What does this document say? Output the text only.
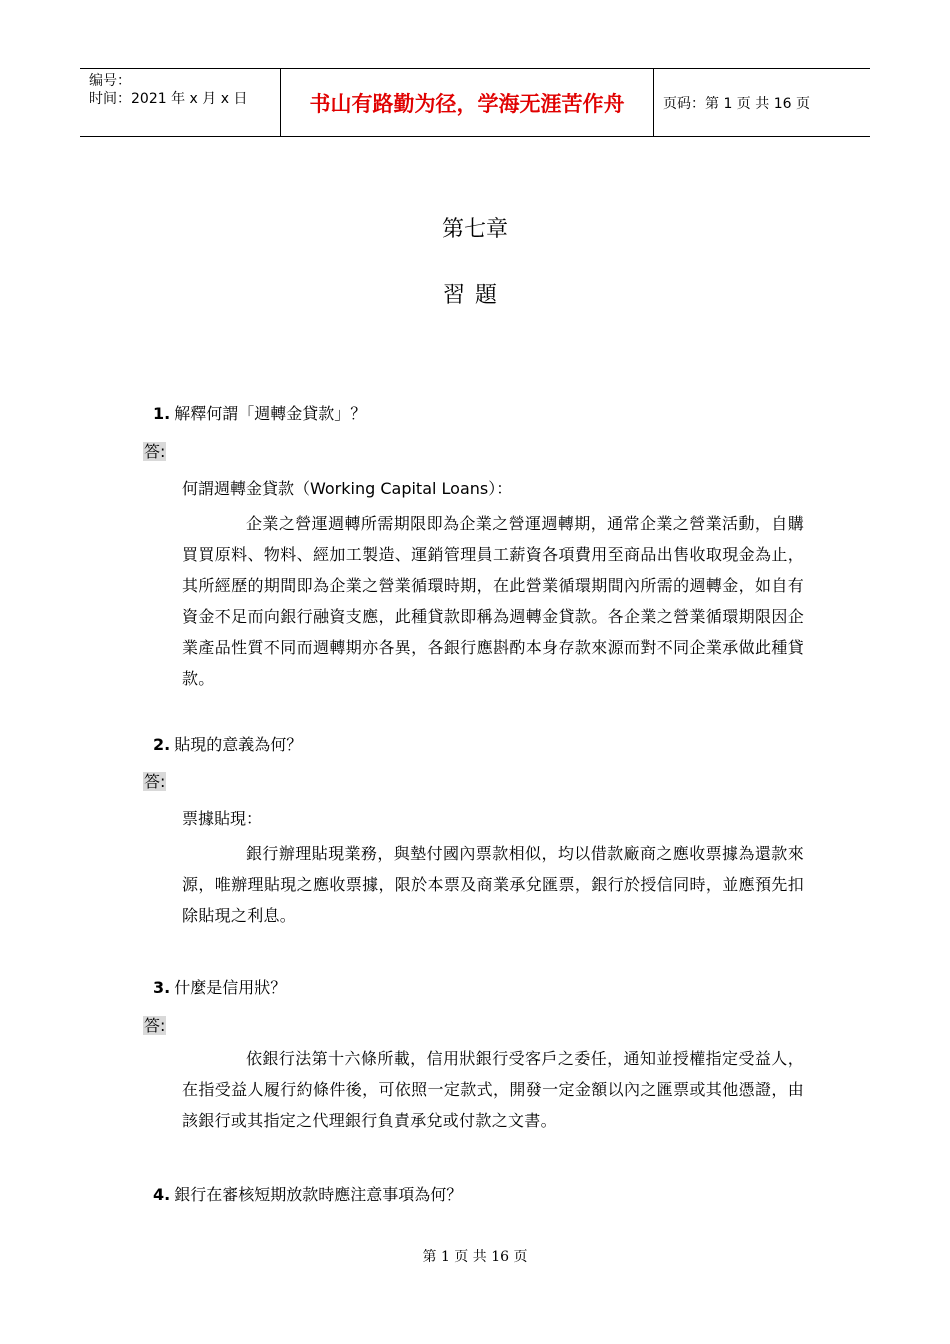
编号：
时间：2021 年 x 月 x 日	书山有路勤为径，学海无涯苦作舟	页码：第 1 页 共 16 页
第七章
習題
1. 解釋何謂「週轉金貸款」？
答:
何謂週轉金貸款（Working Capital Loans）：
企業之營運週轉所需期限即為企業之營運週轉期，通常企業之營業活動，自購買買原料、物料、經加工製造、運銷管理員工薪資各項費用至商品出售收取現金為止，其所經歷的期間即為企業之營業循環時期，在此營業循環期間內所需的週轉金，如自有資金不足而向銀行融資支應，此種貸款即稱為週轉金貸款。各企業之營業循環期限因企業產品性質不同而週轉期亦各異，各銀行應斟酌本身存款來源而對不同企業承做此種貸款。
2. 貼現的意義為何？
答:
票據貼現：
銀行辦理貼現業務，與墊付國內票款相似，均以借款廠商之應收票據為還款來源，唯辦理貼現之應收票據，限於本票及商業承兌匯票，銀行於授信同時，並應預先扣除貼現之利息。
3. 什麼是信用狀？
答:
依銀行法第十六條所載，信用狀銀行受客戶之委任，通知並授權指定受益人，在指受益人履行約條件後，可依照一定款式，開發一定金額以內之匯票或其他憑證，由該銀行或其指定之代理銀行負責承兌或付款之文書。
4. 銀行在審核短期放款時應注意事項為何？
第 1 页 共 16 页
